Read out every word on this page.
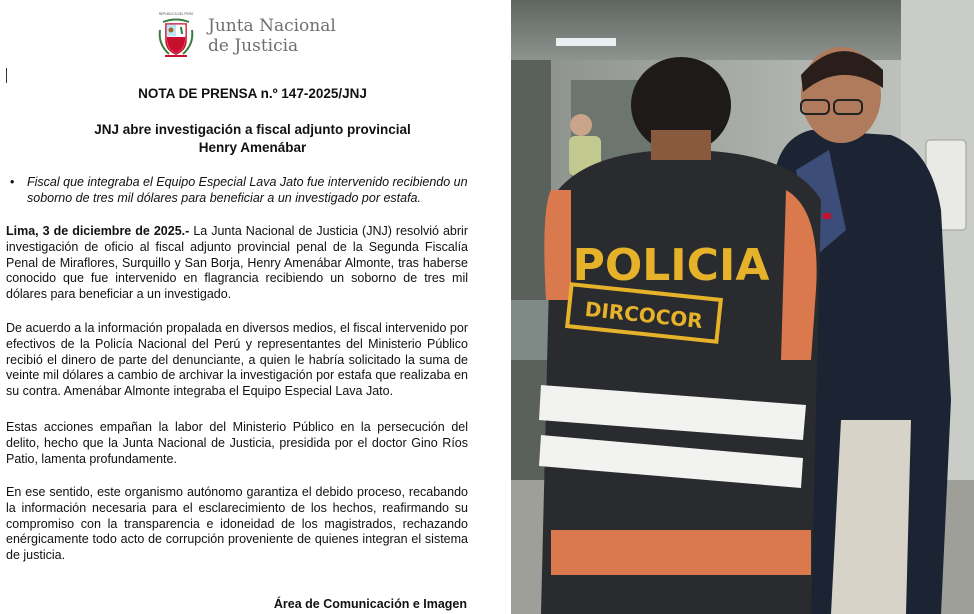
REPÚBLICA DEL PERÚ
Junta Nacional
de Justicia
NOTA DE PRENSA n.º 147-2025/JNJ
JNJ abre investigación a fiscal adjunto provincial
Henry Amenábar
• Fiscal que integraba el Equipo Especial Lava Jato fue intervenido recibiendo un soborno de tres mil dólares para beneficiar a un investigado por estafa.
Lima, 3 de diciembre de 2025.- La Junta Nacional de Justicia (JNJ) resolvió abrir investigación de oficio al fiscal adjunto provincial penal de la Segunda Fiscalía Penal de Miraflores, Surquillo y San Borja, Henry Amenábar Almonte, tras haberse conocido que fue intervenido en flagrancia recibiendo un soborno de tres mil dólares para beneficiar a un investigado.
De acuerdo a la información propalada en diversos medios, el fiscal intervenido por efectivos de la Policía Nacional del Perú y representantes del Ministerio Público recibió el dinero de parte del denunciante, a quien le habría solicitado la suma de veinte mil dólares a cambio de archivar la investigación por estafa que realizaba en su contra. Amenábar Almonte integraba el Equipo Especial Lava Jato.
Estas acciones empañan la labor del Ministerio Público en la persecución del delito, hecho que la Junta Nacional de Justicia, presidida por el doctor Gino Ríos Patio, lamenta profundamente.
En ese sentido, este organismo autónomo garantiza el debido proceso, recabando la información necesaria para el esclarecimiento de los hechos, reafirmando su compromiso con la transparencia e idoneidad de los magistrados, rechazando enérgicamente todo acto de corrupción proveniente de quienes integran el sistema de justicia.
Área de Comunicación e Imagen
POLICIA
DIRCOCOR
